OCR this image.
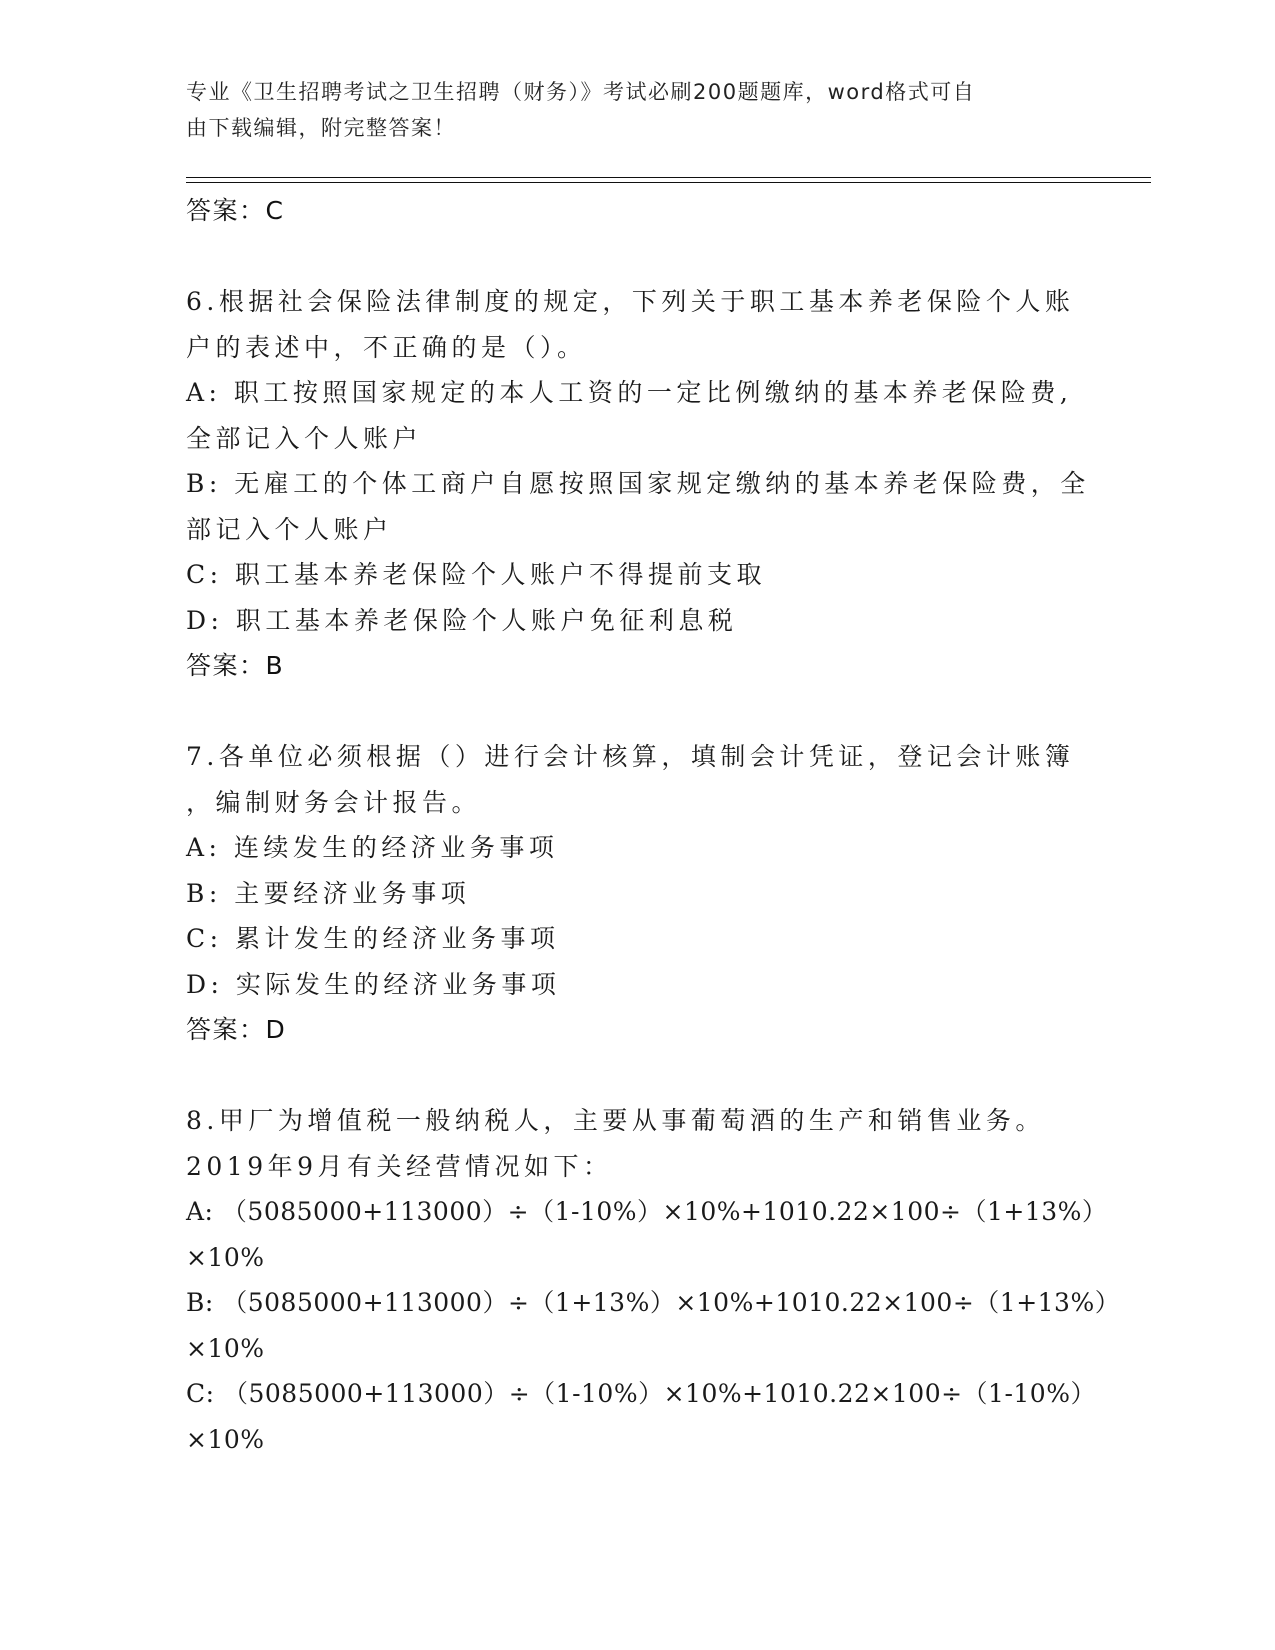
专业《卫生招聘考试之卫生招聘（财务）》考试必刷200题题库，word格式可自
由下载编辑，附完整答案！
答案：C
6.根据社会保险法律制度的规定，下列关于职工基本养老保险个人账
户的表述中，不正确的是（）。
A: 职工按照国家规定的本人工资的一定比例缴纳的基本养老保险费,
全部记入个人账户
B: 无雇工的个体工商户自愿按照国家规定缴纳的基本养老保险费，全
部记入个人账户
C: 职工基本养老保险个人账户不得提前支取
D: 职工基本养老保险个人账户免征利息税
答案：B
7.各单位必须根据（）进行会计核算，填制会计凭证，登记会计账簿
，编制财务会计报告。
A: 连续发生的经济业务事项
B: 主要经济业务事项
C: 累计发生的经济业务事项
D: 实际发生的经济业务事项
答案：D
8.甲厂为增值税一般纳税人，主要从事葡萄酒的生产和销售业务。
2019年9月有关经营情况如下：
A: （5085000+113000）÷（1-10%）×10%+1010.22×100÷（1+13%）
×10%
B: （5085000+113000）÷（1+13%）×10%+1010.22×100÷（1+13%）
×10%
C: （5085000+113000）÷（1-10%）×10%+1010.22×100÷（1-10%）
×10%
